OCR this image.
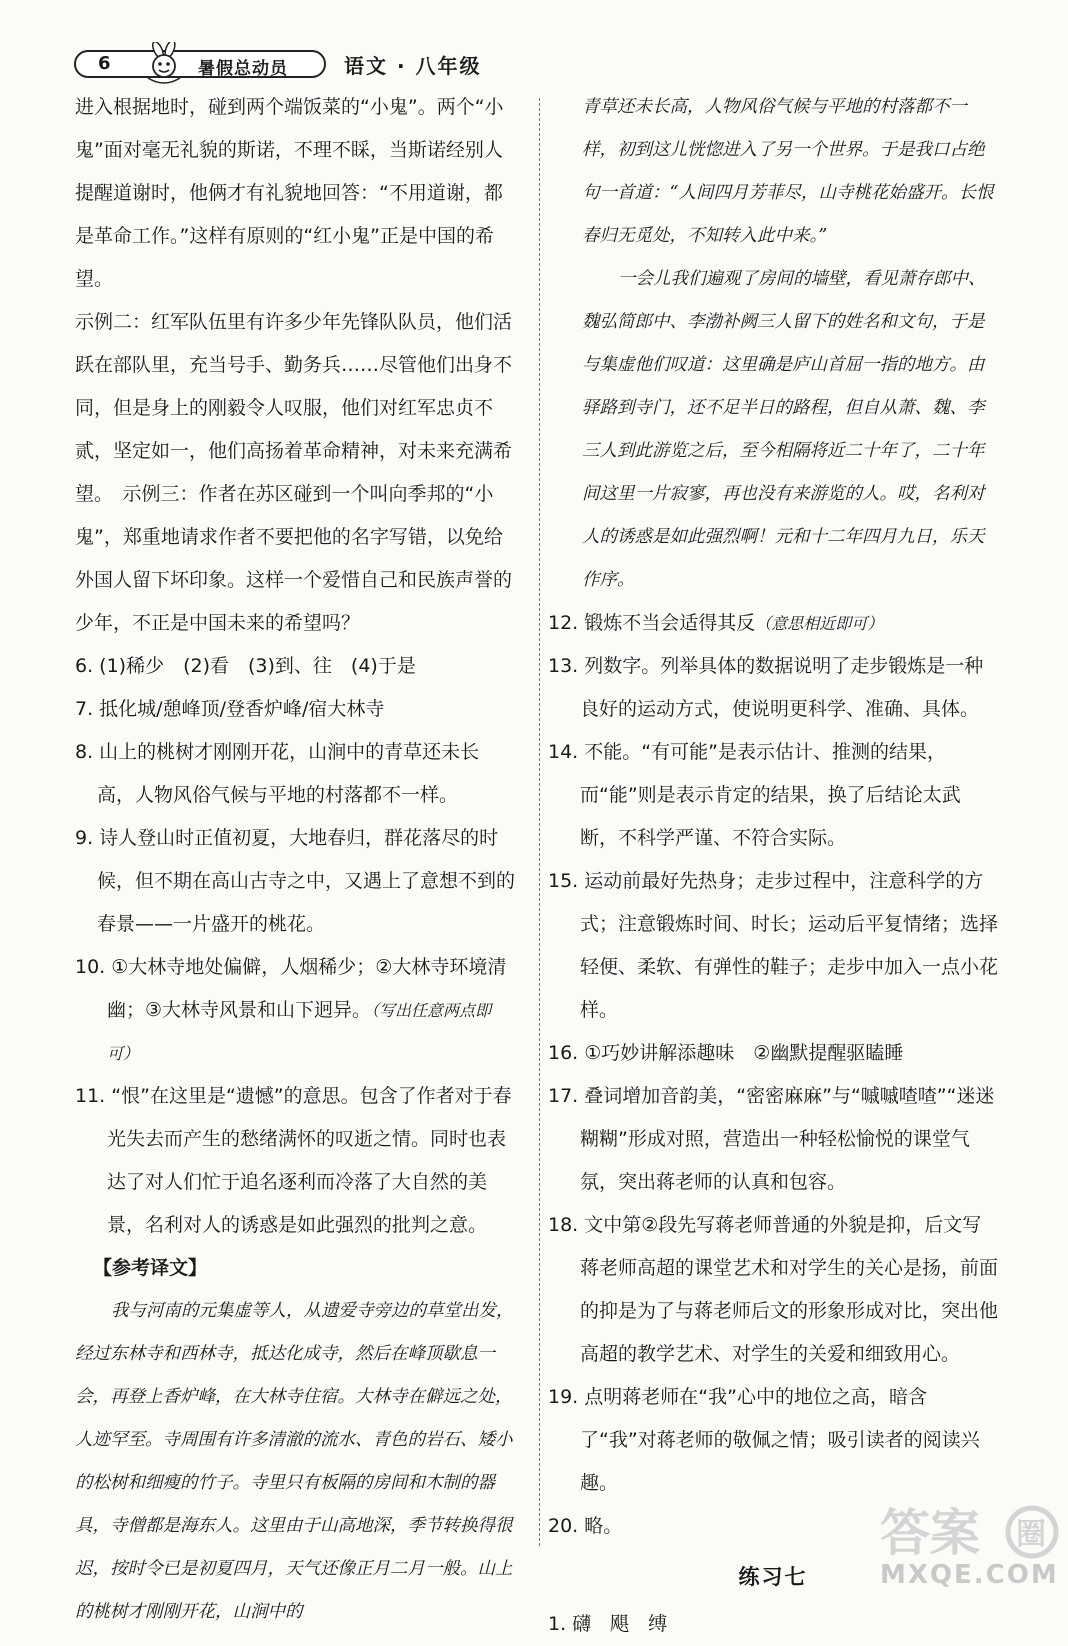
6	暑假总动员	语文 · 八年级

进入根据地时，碰到两个端饭菜的“小鬼”。两个“小鬼”面对毫无礼貌的斯诺，不理不睬，当斯诺经别人提醒道谢时，他俩才有礼貌地回答：“不用道谢，都是革命工作。”这样有原则的“红小鬼”正是中国的希望。

示例二：红军队伍里有许多少年先锋队队员，他们活跃在部队里，充当号手、勤务兵……尽管他们出身不同，但是身上的刚毅令人叹服，他们对红军忠贞不贰，坚定如一，他们高扬着革命精神，对未来充满希望。　示例三：作者在苏区碰到一个叫向季邦的“小鬼”，郑重地请求作者不要把他的名字写错，以免给外国人留下坏印象。这样一个爱惜自己和民族声誉的少年，不正是中国未来的希望吗？

6. (1)稀少　(2)看　(3)到、往　(4)于是

7. 抵化城/憩峰顶/登香炉峰/宿大林寺

8. 山上的桃树才刚刚开花，山涧中的青草还未长高，人物风俗气候与平地的村落都不一样。

9. 诗人登山时正值初夏，大地春归，群花落尽的时候，但不期在高山古寺之中，又遇上了意想不到的春景——一片盛开的桃花。

10. ①大林寺地处偏僻，人烟稀少；②大林寺环境清幽；③大林寺风景和山下迥异。（写出任意两点即可）

11. “恨”在这里是“遗憾”的意思。包含了作者对于春光失去而产生的愁绪满怀的叹逝之情。同时也表达了对人们忙于追名逐利而冷落了大自然的美景，名利对人的诱惑是如此强烈的批判之意。

【参考译文】

我与河南的元集虚等人，从遗爱寺旁边的草堂出发，经过东林寺和西林寺，抵达化成寺，然后在峰顶歇息一会，再登上香炉峰，在大林寺住宿。大林寺在僻远之处，人迹罕至。寺周围有许多清澈的流水、青色的岩石、矮小的松树和细瘦的竹子。寺里只有板隔的房间和木制的器具，寺僧都是海东人。这里由于山高地深，季节转换得很迟，按时令已是初夏四月，天气还像正月二月一般。山上的桃树才刚刚开花，山涧中的

青草还未长高，人物风俗气候与平地的村落都不一样，初到这儿恍惚进入了另一个世界。于是我口占绝句一首道：“人间四月芳菲尽，山寺桃花始盛开。长恨春归无觅处，不知转入此中来。”

一会儿我们遍观了房间的墙壁，看见萧存郎中、魏弘简郎中、李渤补阙三人留下的姓名和文句，于是与集虚他们叹道：这里确是庐山首屈一指的地方。由驿路到寺门，还不足半日的路程，但自从萧、魏、李三人到此游览之后，至今相隔将近二十年了，二十年间这里一片寂寥，再也没有来游览的人。哎，名利对人的诱惑是如此强烈啊！元和十二年四月九日，乐天作序。

12. 锻炼不当会适得其反（意思相近即可）

13. 列数字。列举具体的数据说明了走步锻炼是一种良好的运动方式，使说明更科学、准确、具体。

14. 不能。“有可能”是表示估计、推测的结果，而“能”则是表示肯定的结果，换了后结论太武断，不科学严谨、不符合实际。

15. 运动前最好先热身；走步过程中，注意科学的方式；注意锻炼时间、时长；运动后平复情绪；选择轻便、柔软、有弹性的鞋子；走步中加入一点小花样。

16. ①巧妙讲解添趣味　②幽默提醒驱瞌睡

17. 叠词增加音韵美，“密密麻麻”与“嘁嘁喳喳”“迷迷糊糊”形成对照，营造出一种轻松愉悦的课堂气氛，突出蒋老师的认真和包容。

18. 文中第②段先写蒋老师普通的外貌是抑，后文写蒋老师高超的课堂艺术和对学生的关心是扬，前面的抑是为了与蒋老师后文的形象形成对比，突出他高超的教学艺术、对学生的关爱和细致用心。

19. 点明蒋老师在“我”心中的地位之高，暗含了“我”对蒋老师的敬佩之情；吸引读者的阅读兴趣。

20. 略。

练习七

1. 礴　飓　缚

答案 圈
MXQE.COM
